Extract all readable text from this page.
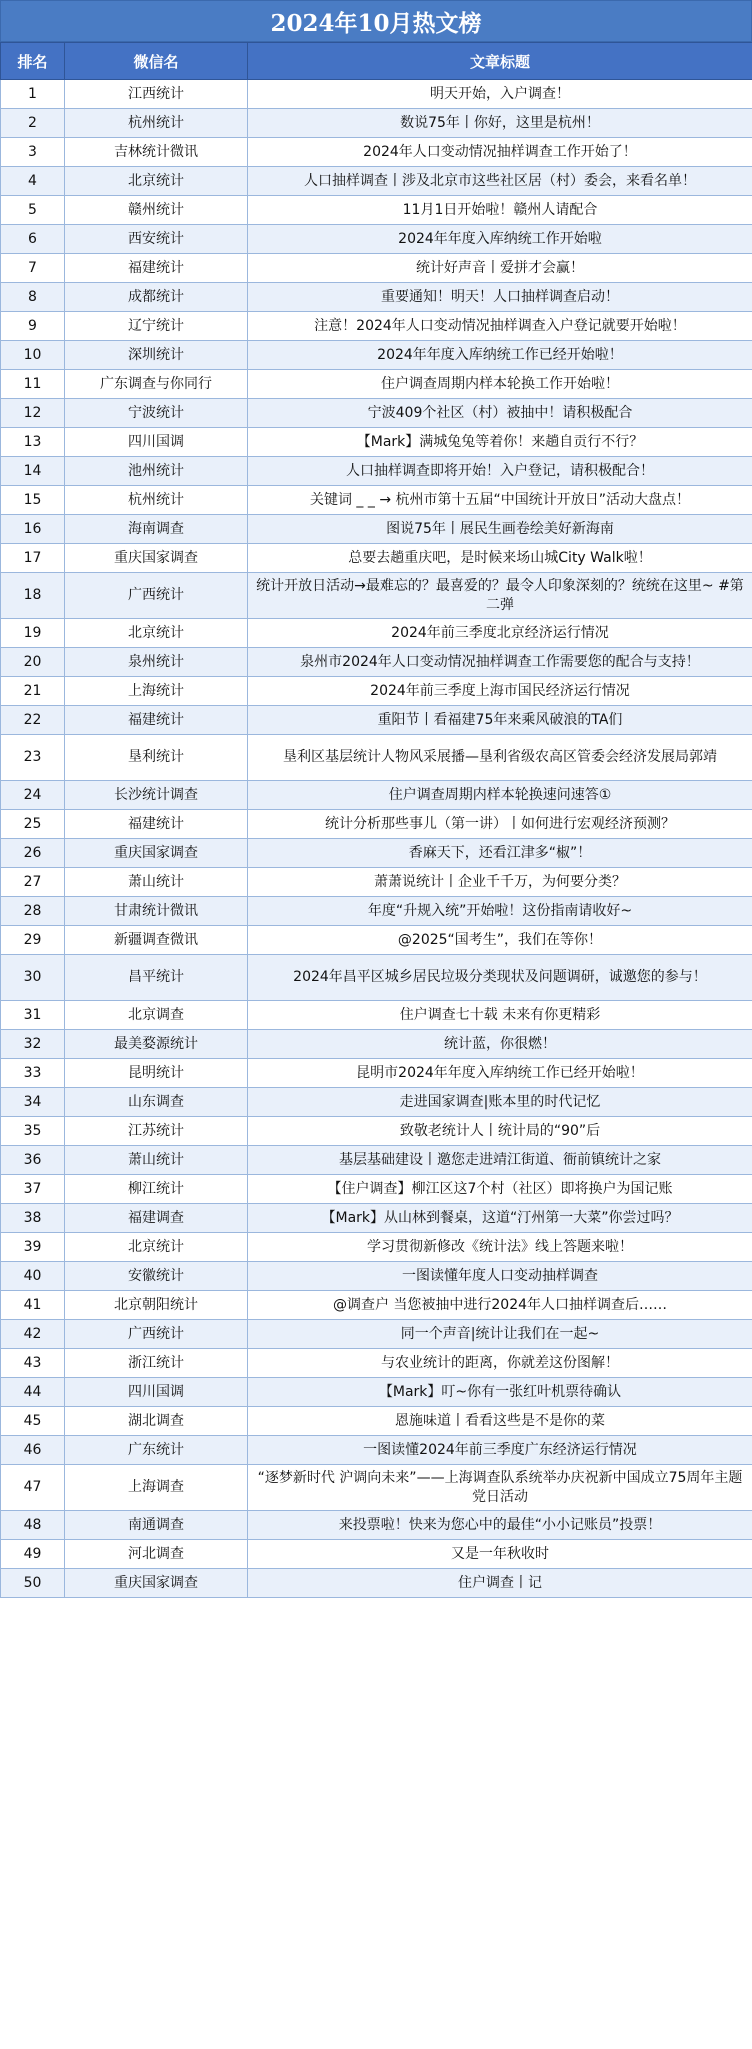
2024年10月热文榜
排名	微信名	文章标题
1	江西统计	明天开始，入户调查！
2	杭州统计	数说75年丨你好，这里是杭州！
3	吉林统计微讯	2024年人口变动情况抽样调查工作开始了！
4	北京统计	人口抽样调查丨涉及北京市这些社区居（村）委会，来看名单！
5	赣州统计	11月1日开始啦！赣州人请配合
6	西安统计	2024年年度入库纳统工作开始啦
7	福建统计	统计好声音丨爱拼才会赢！
8	成都统计	重要通知！明天！人口抽样调查启动！
9	辽宁统计	注意！2024年人口变动情况抽样调查入户登记就要开始啦！
10	深圳统计	2024年年度入库纳统工作已经开始啦！
11	广东调查与你同行	住户调查周期内样本轮换工作开始啦！
12	宁波统计	宁波409个社区（村）被抽中！请积极配合
13	四川国调	【Mark】满城兔兔等着你！来趟自贡行不行？
14	池州统计	人口抽样调查即将开始！入户登记，请积极配合！
15	杭州统计	关键词 _ _ → 杭州市第十五届“中国统计开放日”活动大盘点！
16	海南调查	图说75年丨展民生画卷绘美好新海南
17	重庆国家调查	总要去趟重庆吧，是时候来场山城City Walk啦！
18	广西统计	统计开放日活动→最难忘的？最喜爱的？最令人印象深刻的？统统在这里~ #第二弹
19	北京统计	2024年前三季度北京经济运行情况
20	泉州统计	泉州市2024年人口变动情况抽样调查工作需要您的配合与支持！
21	上海统计	2024年前三季度上海市国民经济运行情况
22	福建统计	重阳节丨看福建75年来乘风破浪的TA们
23	垦利统计	垦利区基层统计人物风采展播—垦利省级农高区管委会经济发展局郭靖
24	长沙统计调查	住户调查周期内样本轮换速问速答①
25	福建统计	统计分析那些事儿（第一讲）丨如何进行宏观经济预测？
26	重庆国家调查	香麻天下，还看江津多“椒”！
27	萧山统计	萧萧说统计丨企业千千万，为何要分类？
28	甘肃统计微讯	年度“升规入统”开始啦！这份指南请收好~
29	新疆调查微讯	@2025“国考生”，我们在等你！
30	昌平统计	2024年昌平区城乡居民垃圾分类现状及问题调研，诚邀您的参与！
31	北京调查	住户调查七十载 未来有你更精彩
32	最美婺源统计	统计蓝，你很燃！
33	昆明统计	昆明市2024年年度入库纳统工作已经开始啦！
34	山东调查	走进国家调查|账本里的时代记忆
35	江苏统计	致敬老统计人丨统计局的“90”后
36	萧山统计	基层基础建设丨邀您走进靖江街道、衙前镇统计之家
37	柳江统计	【住户调查】柳江区这7个村（社区）即将换户为国记账
38	福建调查	【Mark】从山林到餐桌，这道“汀州第一大菜”你尝过吗？
39	北京统计	学习贯彻新修改《统计法》线上答题来啦！
40	安徽统计	一图读懂年度人口变动抽样调查
41	北京朝阳统计	@调查户 当您被抽中进行2024年人口抽样调查后……
42	广西统计	同一个声音|统计让我们在一起~
43	浙江统计	与农业统计的距离，你就差这份图解！
44	四川国调	【Mark】叮~你有一张红叶机票待确认
45	湖北调查	恩施味道丨看看这些是不是你的菜
46	广东统计	一图读懂2024年前三季度广东经济运行情况
47	上海调查	“逐梦新时代 沪调向未来”——上海调查队系统举办庆祝新中国成立75周年主题党日活动
48	南通调查	来投票啦！快来为您心中的最佳“小小记账员”投票！
49	河北调查	又是一年秋收时
50	重庆国家调查	住户调查丨记
